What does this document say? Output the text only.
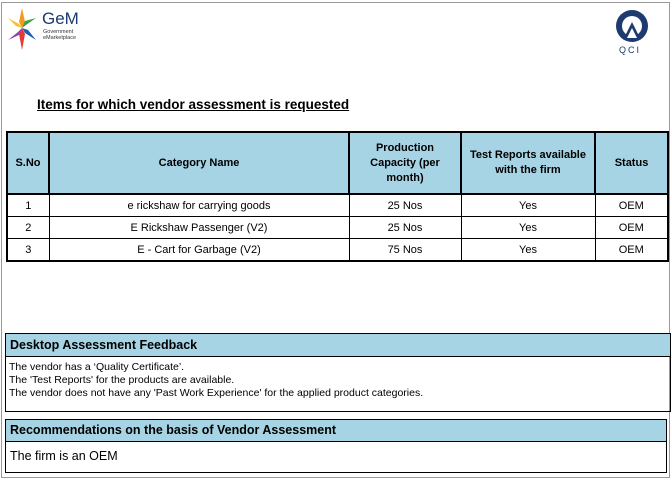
GeM
Government
eMarketplace
QCI
Items for which vendor assessment is requested
S.No	Category Name	Production Capacity (per month)	Test Reports available with the firm	Status
1	e rickshaw for carrying goods	25 Nos	Yes	OEM
2	E Rickshaw Passenger (V2)	25 Nos	Yes	OEM
3	E - Cart for Garbage (V2)	75 Nos	Yes	OEM
Desktop Assessment Feedback
The vendor has a ‘Quality Certificate’.
The 'Test Reports' for the products are available.
The vendor does not have any 'Past Work Experience' for the applied product categories.
Recommendations on the basis of Vendor Assessment
The firm is an OEM
